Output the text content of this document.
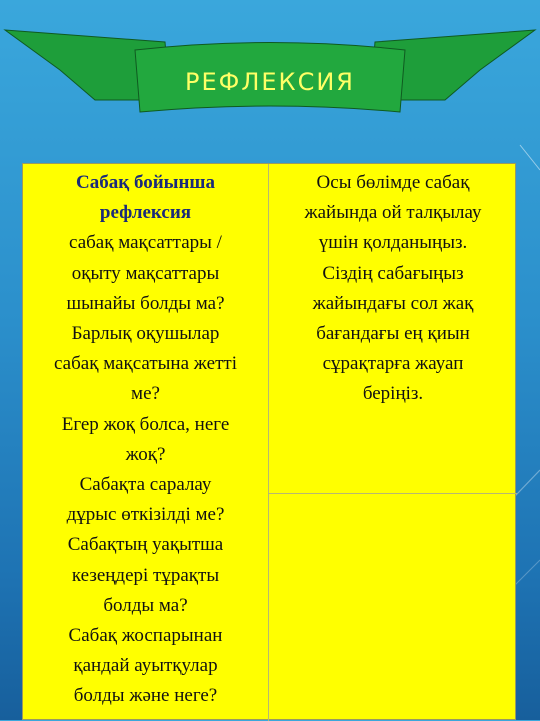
РЕФЛЕКСИЯ

Сабақ бойынша
рефлексия

сабақ мақсаттары /
оқыту мақсаттары
шынайы болды ма?
Барлық оқушылар
сабақ мақсатына жетті
ме?
Егер жоқ болса, неге
жоқ?
Сабақта саралау
дұрыс өткізілді ме?
Сабақтың уақытша
кезеңдері тұрақты
болды ма?
Сабақ жоспарынан
қандай ауытқулар
болды және неге?

Осы бөлімде сабақ
жайында ой талқылау
үшін қолданыңыз.
Сіздің сабағыңыз
жайындағы сол жақ
бағандағы ең қиын
сұрақтарға жауап
беріңіз.
